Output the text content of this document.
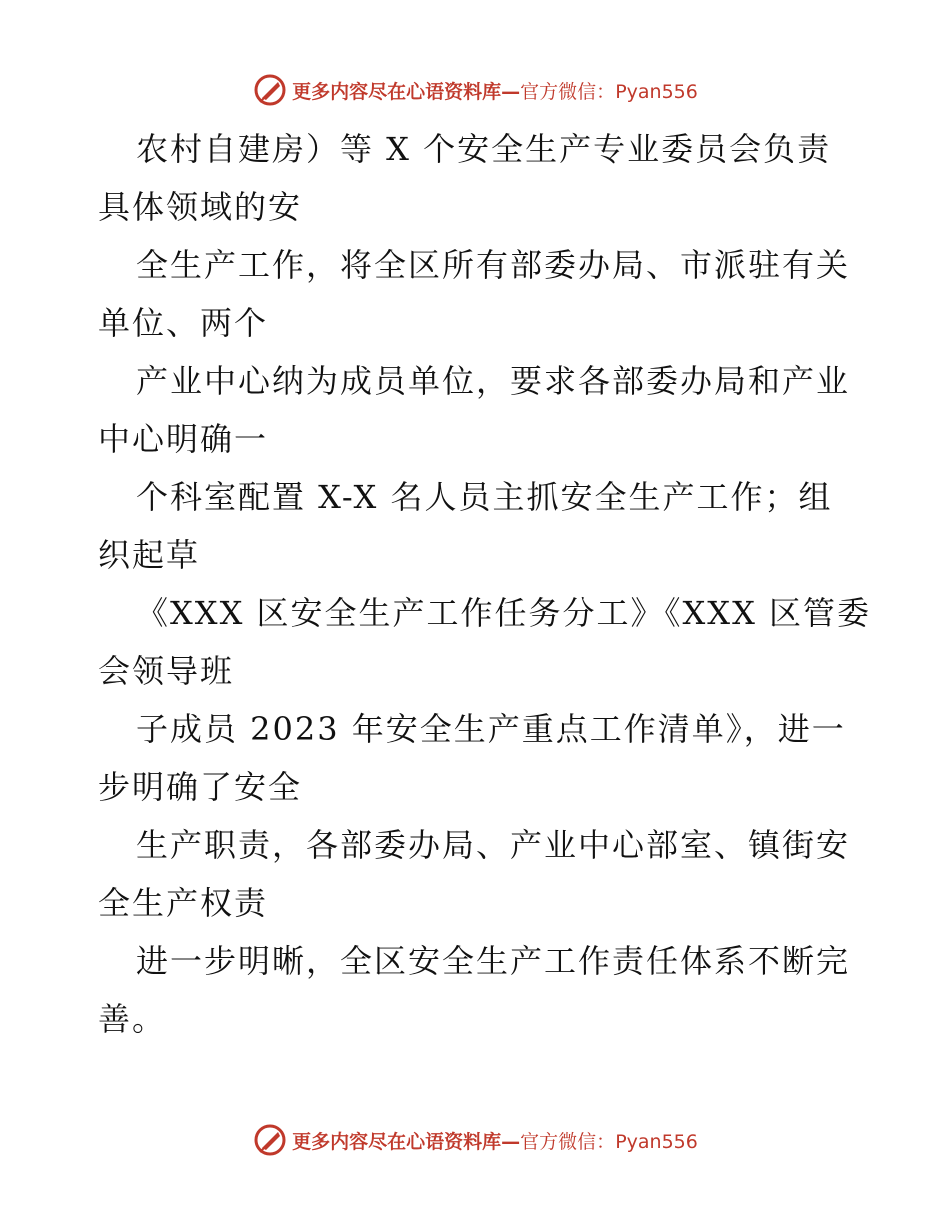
更多内容尽在心语资料库—官方微信：Pyan556

农村自建房）等 X 个安全生产专业委员会负责
具体领域的安

全生产工作，将全区所有部委办局、市派驻有关
单位、两个

产业中心纳为成员单位，要求各部委办局和产业
中心明确一

个科室配置 X-X 名人员主抓安全生产工作；组
织起草

《XXX 区安全生产工作任务分工》《XXX 区管委
会领导班

子成员 2023 年安全生产重点工作清单》，进一
步明确了安全

生产职责，各部委办局、产业中心部室、镇街安
全生产权责

进一步明晰，全区安全生产工作责任体系不断完
善。

更多内容尽在心语资料库—官方微信：Pyan556
